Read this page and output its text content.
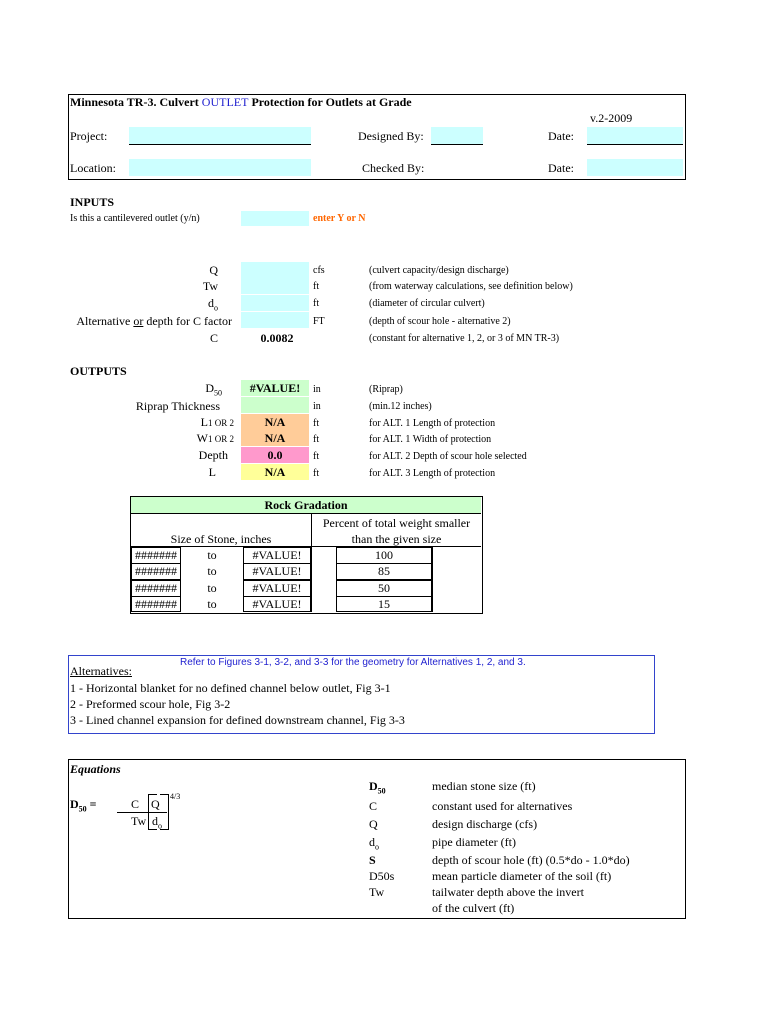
Minnesota TR-3. Culvert OUTLET Protection for Outlets at Grade
v.2-2009
Project:	Designed By:	Date:
Location:	Checked By:	Date:
INPUTS
Is this a cantilevered outlet (y/n)	enter Y or N
Q	cfs	(culvert capacity/design discharge)
Tw	ft	(from waterway calculations, see definition below)
$d_o$	ft	(diameter of circular culvert)
Alternative or depth for C factor	FT	(depth of scour hole - alternative 2)
C	0.0082	(constant for alternative 1, 2, or 3 of MN TR-3)
OUTPUTS
$D_{50}$	#VALUE!	in	(Riprap)
Riprap Thickness	in	(min.12 inches)
L1 OR 2	N/A	ft	for ALT. 1 Length of protection
W1 OR 2	N/A	ft	for ALT. 1 Width of protection
Depth	0.0	ft	for ALT. 2 Depth of scour hole selected
L	N/A	ft	for ALT. 3 Length of protection
Rock Gradation
Size of Stone, inches
Percent of total weight smaller
than the given size
#######	to	#VALUE!	100
#######	to	#VALUE!	85
#######	to	#VALUE!	50
#######	to	#VALUE!	15
Refer to Figures 3-1, 3-2, and 3-3 for the geometry for Alternatives 1, 2, and 3.
Alternatives:
1 - Horizontal blanket for no defined channel below outlet, Fig 3-1
2 - Preformed scour hole, Fig 3-2
3 - Lined channel expansion for defined downstream channel, Fig 3-3
Equations
$D_{50}$ =	C Q
4/3
Tw $d_o$
$D_{50}$	median stone size (ft)
C	constant used for alternatives
Q	design discharge (cfs)
$d_o$	pipe diameter (ft)
S	depth of scour hole (ft) (0.5*do - 1.0*do)
D50s	mean particle diameter of the soil (ft)
Tw	tailwater depth above the invert
of the culvert (ft)
